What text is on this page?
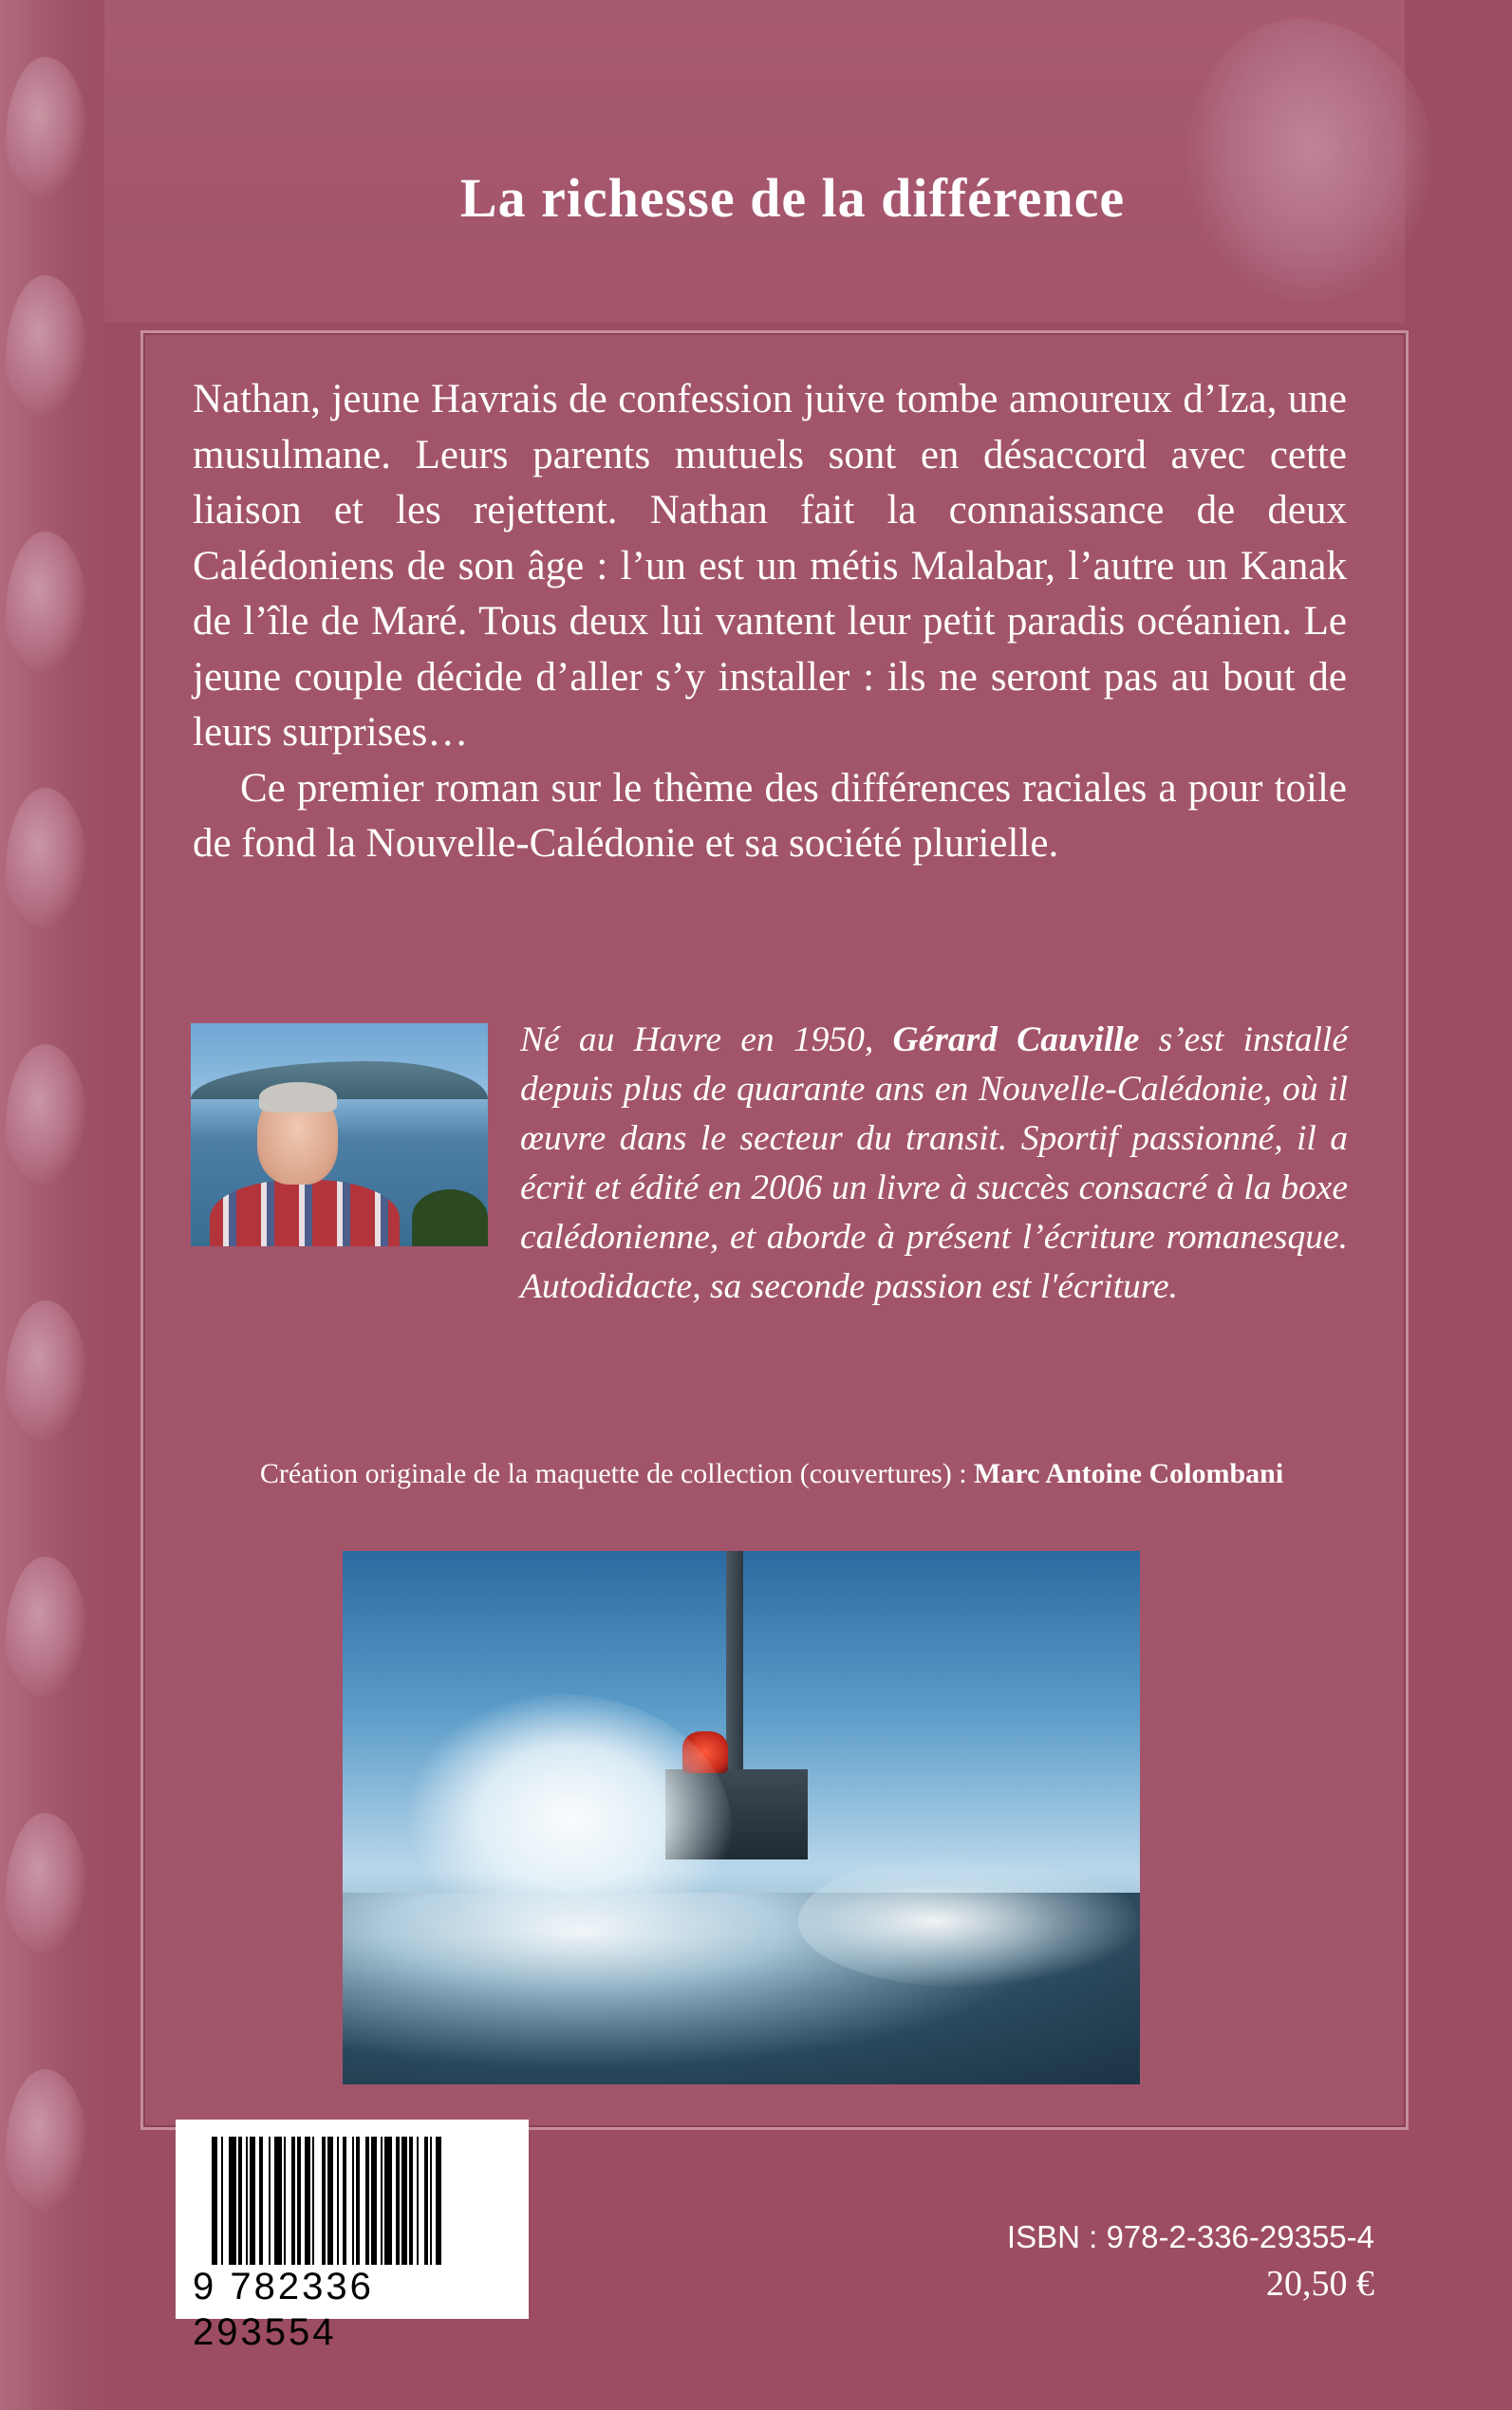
La richesse de la différence

Nathan, jeune Havrais de confession juive tombe amoureux d’Iza, une musulmane. Leurs parents mutuels sont en désaccord avec cette liaison et les rejettent. Nathan fait la connaissance de deux Calédoniens de son âge : l’un est un métis Malabar, l’autre un Kanak de l’île de Maré. Tous deux lui vantent leur petit paradis océanien. Le jeune couple décide d’aller s’y installer : ils ne seront pas au bout de leurs surprises…

Ce premier roman sur le thème des différences raciales a pour toile de fond la Nouvelle-Calédonie et sa société plurielle.

Né au Havre en 1950, Gérard Cauville s’est installé depuis plus de quarante ans en Nouvelle-Calédonie, où il œuvre dans le secteur du transit. Sportif passionné, il a écrit et édité en 2006 un livre à succès consacré à la boxe calédonienne, et aborde à présent l’écriture romanesque. Autodidacte, sa seconde passion est l'écriture.

Création originale de la maquette de collection (couvertures) : Marc Antoine Colombani
9 782336 293554
ISBN : 978-2-336-29355-4
20,50 €
